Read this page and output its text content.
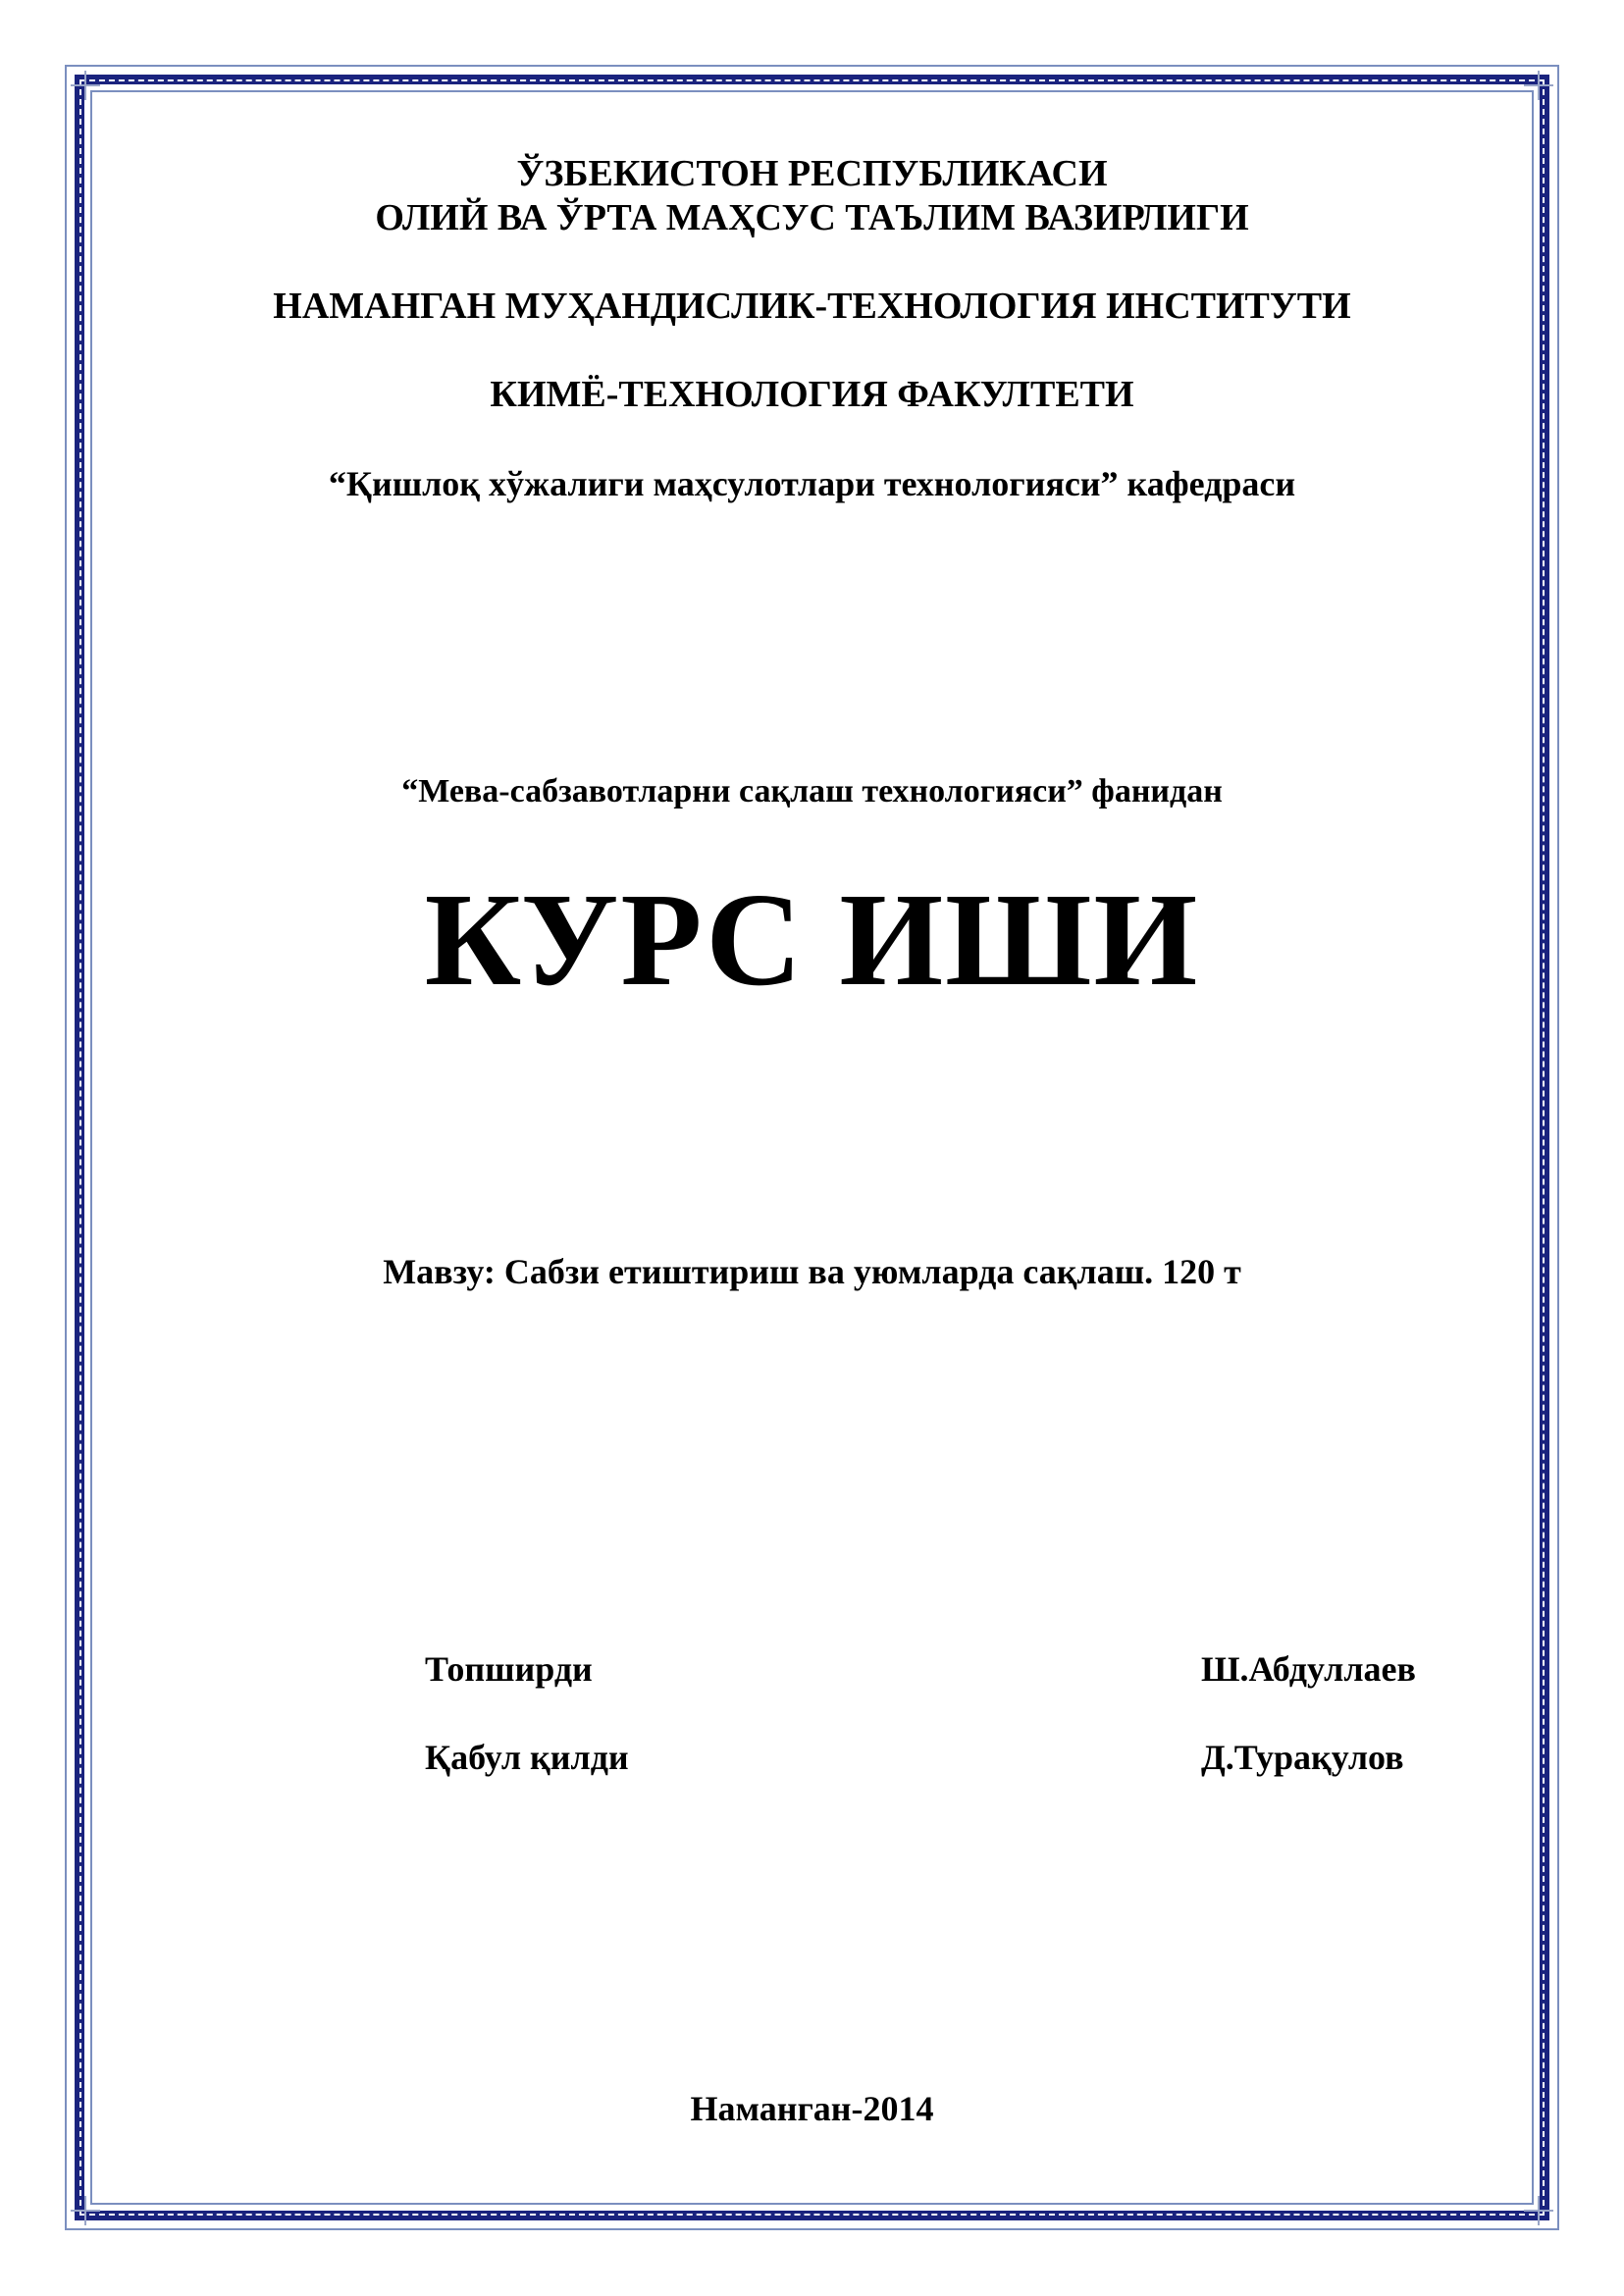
ЎЗБЕКИСТОН РЕСПУБЛИКАСИ
ОЛИЙ ВА ЎРТА МАҲСУС ТАЪЛИМ ВАЗИРЛИГИ
НАМАНГАН МУҲАНДИСЛИК-ТЕХНОЛОГИЯ ИНСТИТУТИ
КИМЁ-ТЕХНОЛОГИЯ ФАКУЛТЕТИ
“Қишлоқ хўжалиги маҳсулотлари технологияси” кафедраси
“Мева-сабзавотларни сақлаш технологияси” фанидан
КУРС ИШИ
Мавзу: Сабзи етиштириш ва уюмларда сақлаш. 120 т
Топширди	Ш.Абдуллаев
Қабул қилди	Д.Турақулов
Наманган-2014
